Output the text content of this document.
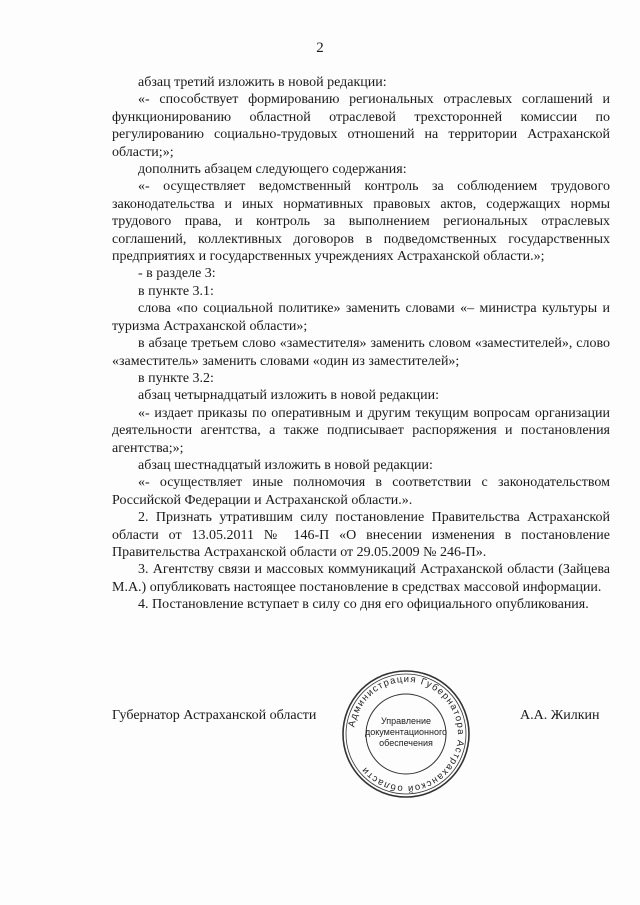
2

абзац третий изложить в новой редакции:

«- способствует формированию региональных отраслевых соглашений и функционированию областной отраслевой трехсторонней комиссии по регулированию социально-трудовых отношений на территории Астраханской области;»;

дополнить абзацем следующего содержания:

«- осуществляет ведомственный контроль за соблюдением трудового законодательства и иных нормативных правовых актов, содержащих нормы трудового права, и контроль за выполнением региональных отраслевых соглашений, коллективных договоров в подведомственных государственных предприятиях и государственных учреждениях Астраханской области.»;

- в разделе 3:

в пункте 3.1:

слова «по социальной политике» заменить словами «– министра культуры и туризма Астраханской области»;

в абзаце третьем слово «заместителя» заменить словом «заместителей», слово «заместитель» заменить словами «один из заместителей»;

в пункте 3.2:

абзац четырнадцатый изложить в новой редакции:

«- издает приказы по оперативным и другим текущим вопросам организации деятельности агентства, а также подписывает распоряжения и постановления агентства;»;

абзац шестнадцатый изложить в новой редакции:

«- осуществляет иные полномочия в соответствии с законодательством Российской Федерации и Астраханской области.».

2. Признать утратившим силу постановление Правительства Астраханской области от 13.05.2011 № 146-П «О внесении изменения в постановление Правительства Астраханской области от 29.05.2009 № 246-П».

3. Агентству связи и массовых коммуникаций Астраханской области (Зайцева М.А.) опубликовать настоящее постановление в средствах массовой информации.

4. Постановление вступает в силу со дня его официального опубликования.

Губернатор Астраханской области	А.А. Жилкин
Администрация Губернатора Астраханской области
Управление
документационного
обеспечения
